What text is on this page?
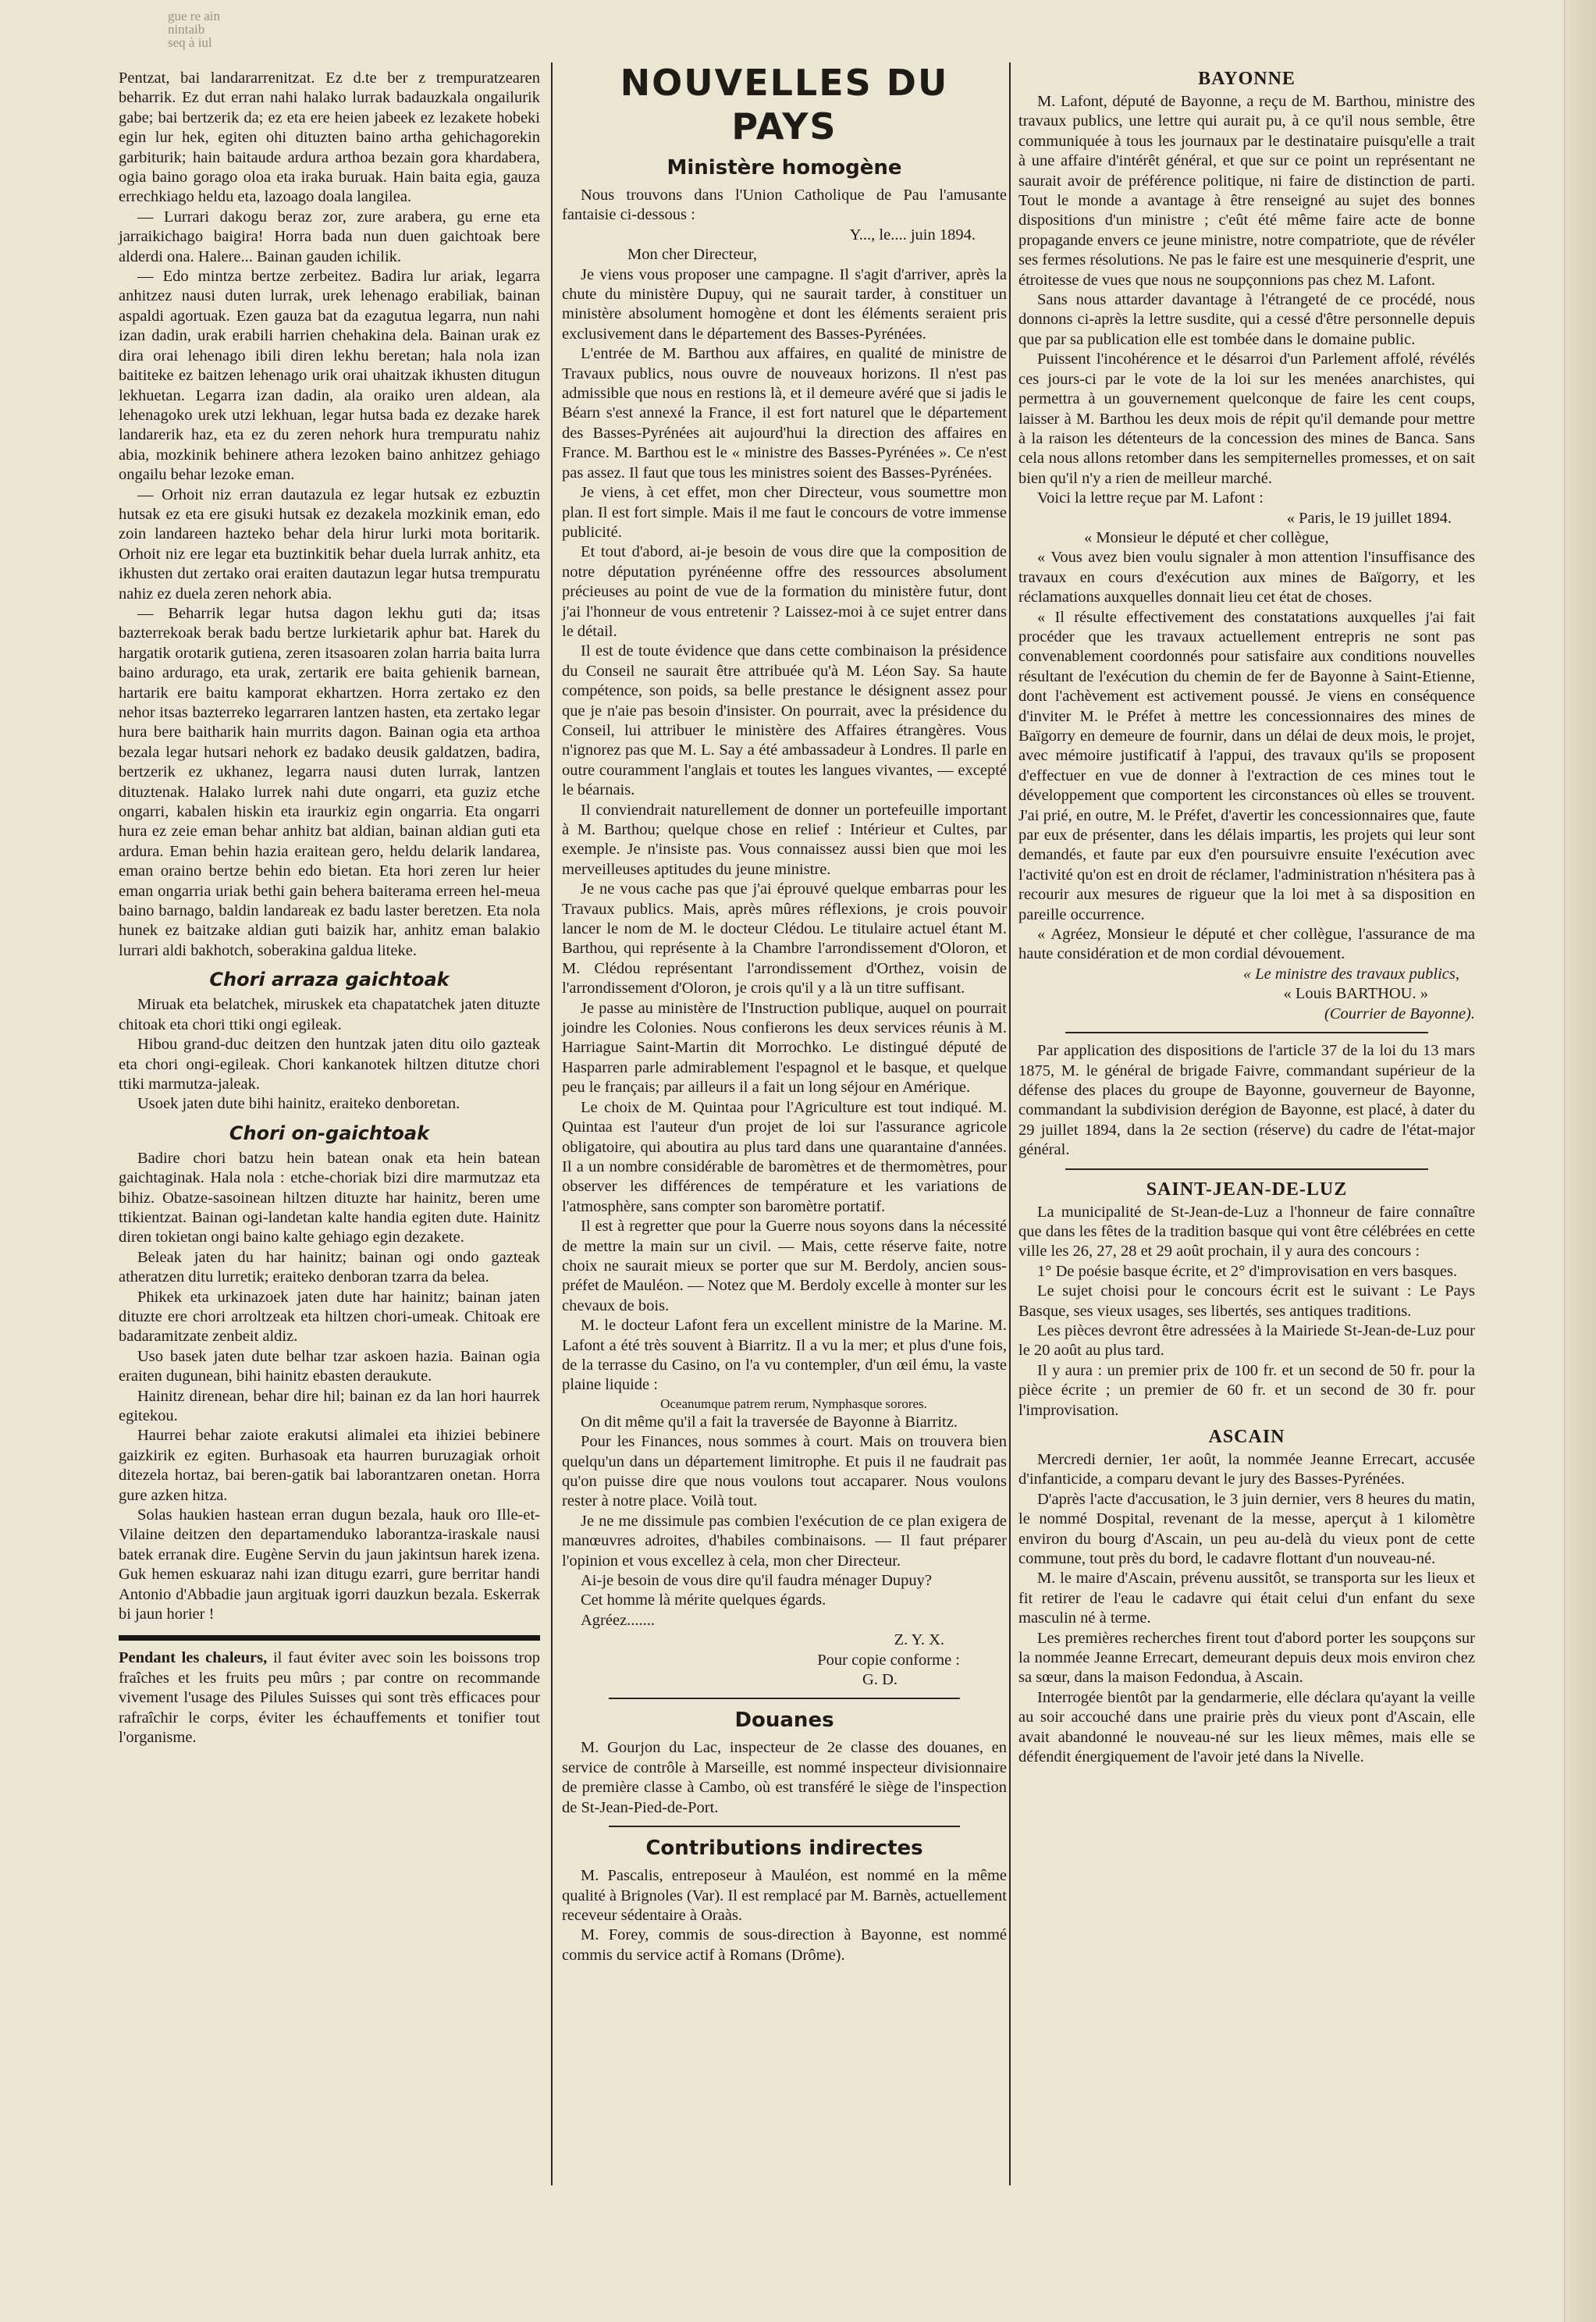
gue re ain
nintaib
seq à iul

Pentzat, bai landararrenitzat. Ez d.te ber z trempuratzearen beharrik. Ez dut erran nahi halako lurrak badauzkala ongailurik gabe; bai bertzerik da; ez eta ere heien jabeek ez lezakete hobeki egin lur hek, egiten ohi dituzten baino artha gehichagorekin garbiturik; hain baitaude ardura arthoa bezain gora khardabera, ogia baino gorago oloa eta iraka buruak. Hain baita egia, gauza errechkiago heldu eta, lazoago doala langilea.

— Lurrari dakogu beraz zor, zure arabera, gu erne eta jarraikichago baigira! Horra bada nun duen gaichtoak bere alderdi ona. Halere... Bainan gauden ichilik.

— Edo mintza bertze zerbeitez. Badira lur ariak, legarra anhitzez nausi duten lurrak, urek lehenago erabiliak, bainan aspaldi agortuak. Ezen gauza bat da ezagutua legarra, nun nahi izan dadin, urak erabili harrien chehakina dela. Bainan urak ez dira orai lehenago ibili diren lekhu beretan; hala nola izan baititeke ez baitzen lehenago urik orai uhaitzak ikhusten ditugun lekhuetan. Legarra izan dadin, ala oraiko uren aldean, ala lehenagoko urek utzi lekhuan, legar hutsa bada ez dezake harek landarerik haz, eta ez du zeren nehork hura trempuratu nahiz abia, mozkinik behinere athera lezoken baino anhitzez gehiago ongailu behar lezoke eman.

— Orhoit niz erran dautazula ez legar hutsak ez ezbuztin hutsak ez eta ere gisuki hutsak ez dezakela mozkinik eman, edo zoin landareen hazteko behar dela hirur lurki mota boritarik. Orhoit niz ere legar eta buztinkitik behar duela lurrak anhitz, eta ikhusten dut zertako orai eraiten dautazun legar hutsa trempuratu nahiz ez duela zeren nehork abia.

— Beharrik legar hutsa dagon lekhu guti da; itsas bazterrekoak berak badu bertze lurkietarik aphur bat. Harek du hargatik orotarik gutiena, zeren itsasoaren zolan harria baita lurra baino ardurago, eta urak, zertarik ere baita gehienik barnean, hartarik ere baitu kamporat ekhartzen. Horra zertako ez den nehor itsas bazterreko legarraren lantzen hasten, eta zertako legar hura bere baitharik hain murrits dagon. Bainan ogia eta arthoa bezala legar hutsari nehork ez badako deusik galdatzen, badira, bertzerik ez ukhanez, legarra nausi duten lurrak, lantzen dituztenak. Halako lurrek nahi dute ongarri, eta guziz etche ongarri, kabalen hiskin eta iraurkiz egin ongarria. Eta ongarri hura ez zeie eman behar anhitz bat aldian, bainan aldian guti eta ardura. Eman behin hazia eraitean gero, heldu delarik landarea, eman oraino bertze behin edo bietan. Eta hori zeren lur heier eman ongarria uriak bethi gain behera baiterama erreen hel-meua baino barnago, baldin landareak ez badu laster beretzen. Eta nola hunek ez baitzake aldian guti baizik har, anhitz eman balakio lurrari aldi bakhotch, soberakina galdua liteke.

Chori arraza gaichtoak

Miruak eta belatchek, miruskek eta chapatatchek jaten dituzte chitoak eta chori ttiki ongi egileak.

Hibou grand-duc deitzen den huntzak jaten ditu oilo gazteak eta chori ongi-egileak. Chori kankanotek hiltzen ditutze chori ttiki marmutza-jaleak.

Usoek jaten dute bihi hainitz, eraiteko denboretan.

Chori on-gaichtoak

Badire chori batzu hein batean onak eta hein batean gaichtaginak. Hala nola : etche-choriak bizi dire marmutzaz eta bihiz. Obatze-sasoinean hiltzen dituzte har hainitz, beren ume ttikientzat. Bainan ogi-landetan kalte handia egiten dute. Hainitz diren tokietan ongi baino kalte gehiago egin dezakete.

Beleak jaten du har hainitz; bainan ogi ondo gazteak atheratzen ditu lurretik; eraiteko denboran tzarra da belea.

Phikek eta urkinazoek jaten dute har hainitz; bainan jaten dituzte ere chori arroltzeak eta hiltzen chori-umeak. Chitoak ere badaramitzate zenbeit aldiz.

Uso basek jaten dute belhar tzar askoen hazia. Bainan ogia eraiten dugunean, bihi hainitz ebasten deraukute.

Hainitz direnean, behar dire hil; bainan ez da lan hori haurrek egitekou.

Haurrei behar zaiote erakutsi alimalei eta ihiziei bebinere gaizkirik ez egiten. Burhasoak eta haurren buruzagiak orhoit ditezela hortaz, bai beren-gatik bai laborantzaren onetan. Horra gure azken hitza.

Solas haukien hastean erran dugun bezala, hauk oro Ille-et-Vilaine deitzen den departamenduko laborantza-iraskale nausi batek erranak dire. Eugène Servin du jaun jakintsun harek izena. Guk hemen eskuaraz nahi izan ditugu ezarri, gure berritar handi Antonio d'Abbadie jaun argituak igorri dauzkun bezala. Eskerrak bi jaun horier !

Pendant les chaleurs, il faut éviter avec soin les boissons trop fraîches et les fruits peu mûrs ; par contre on recommande vivement l'usage des Pilules Suisses qui sont très efficaces pour rafraîchir le corps, éviter les échauffements et tonifier tout l'organisme.

NOUVELLES DU PAYS
Ministère homogène

Nous trouvons dans l'Union Catholique de Pau l'amusante fantaisie ci-dessous :

Y..., le.... juin 1894.

Mon cher Directeur,

Je viens vous proposer une campagne. Il s'agit d'arriver, après la chute du ministère Dupuy, qui ne saurait tarder, à constituer un ministère absolument homogène et dont les éléments seraient pris exclusivement dans le département des Basses-Pyrénées.

L'entrée de M. Barthou aux affaires, en qualité de ministre de Travaux publics, nous ouvre de nouveaux horizons. Il n'est pas admissible que nous en restions là, et il demeure avéré que si jadis le Béarn s'est annexé la France, il est fort naturel que le département des Basses-Pyrénées ait aujourd'hui la direction des affaires en France. M. Barthou est le « ministre des Basses-Pyrénées ». Ce n'est pas assez. Il faut que tous les ministres soient des Basses-Pyrénées.

Je viens, à cet effet, mon cher Directeur, vous soumettre mon plan. Il est fort simple. Mais il me faut le concours de votre immense publicité.

Et tout d'abord, ai-je besoin de vous dire que la composition de notre députation pyrénéenne offre des ressources absolument précieuses au point de vue de la formation du ministère futur, dont j'ai l'honneur de vous entretenir ? Laissez-moi à ce sujet entrer dans le détail.

Il est de toute évidence que dans cette combinaison la présidence du Conseil ne saurait être attribuée qu'à M. Léon Say. Sa haute compétence, son poids, sa belle prestance le désignent assez pour que je n'aie pas besoin d'insister. On pourrait, avec la présidence du Conseil, lui attribuer le ministère des Affaires étrangères. Vous n'ignorez pas que M. L. Say a été ambassadeur à Londres. Il parle en outre couramment l'anglais et toutes les langues vivantes, — excepté le béarnais.

Il conviendrait naturellement de donner un portefeuille important à M. Barthou; quelque chose en relief : Intérieur et Cultes, par exemple. Je n'insiste pas. Vous connaissez aussi bien que moi les merveilleuses aptitudes du jeune ministre.

Je ne vous cache pas que j'ai éprouvé quelque embarras pour les Travaux publics. Mais, après mûres réflexions, je crois pouvoir lancer le nom de M. le docteur Clédou. Le titulaire actuel étant M. Barthou, qui représente à la Chambre l'arrondissement d'Oloron, et M. Clédou représentant l'arrondissement d'Orthez, voisin de l'arrondissement d'Oloron, je crois qu'il y a là un titre suffisant.

Je passe au ministère de l'Instruction publique, auquel on pourrait joindre les Colonies. Nous confierons les deux services réunis à M. Harriague Saint-Martin dit Morrochko. Le distingué député de Hasparren parle admirablement l'espagnol et le basque, et quelque peu le français; par ailleurs il a fait un long séjour en Amérique.

Le choix de M. Quintaa pour l'Agriculture est tout indiqué. M. Quintaa est l'auteur d'un projet de loi sur l'assurance agricole obligatoire, qui aboutira au plus tard dans une quarantaine d'années. Il a un nombre considérable de baromètres et de thermomètres, pour observer les différences de température et les variations de l'atmosphère, sans compter son baromètre portatif.

Il est à regretter que pour la Guerre nous soyons dans la nécessité de mettre la main sur un civil. — Mais, cette réserve faite, notre choix ne saurait mieux se porter que sur M. Berdoly, ancien sous-préfet de Mauléon. — Notez que M. Berdoly excelle à monter sur les chevaux de bois.

M. le docteur Lafont fera un excellent ministre de la Marine. M. Lafont a été très souvent à Biarritz. Il a vu la mer; et plus d'une fois, de la terrasse du Casino, on l'a vu contempler, d'un œil ému, la vaste plaine liquide :

Oceanumque patrem rerum, Nymphasque sorores.

On dit même qu'il a fait la traversée de Bayonne à Biarritz.

Pour les Finances, nous sommes à court. Mais on trouvera bien quelqu'un dans un département limitrophe. Et puis il ne faudrait pas qu'on puisse dire que nous voulons tout accaparer. Nous voulons rester à notre place. Voilà tout.

Je ne me dissimule pas combien l'exécution de ce plan exigera de manœuvres adroites, d'habiles combinaisons. — Il faut préparer l'opinion et vous excellez à cela, mon cher Directeur.

Ai-je besoin de vous dire qu'il faudra ménager Dupuy?

Cet homme là mérite quelques égards.

Agréez.......

Z. Y. X.

Pour copie conforme :

G. D.

Douanes

M. Gourjon du Lac, inspecteur de 2e classe des douanes, en service de contrôle à Marseille, est nommé inspecteur divisionnaire de première classe à Cambo, où est transféré le siège de l'inspection de St-Jean-Pied-de-Port.

Contributions indirectes

M. Pascalis, entreposeur à Mauléon, est nommé en la même qualité à Brignoles (Var). Il est remplacé par M. Barnès, actuellement receveur sédentaire à Oraàs.

M. Forey, commis de sous-direction à Bayonne, est nommé commis du service actif à Romans (Drôme).

BAYONNE

M. Lafont, député de Bayonne, a reçu de M. Barthou, ministre des travaux publics, une lettre qui aurait pu, à ce qu'il nous semble, être communiquée à tous les journaux par le destinataire puisqu'elle a trait à une affaire d'intérêt général, et que sur ce point un représentant ne saurait avoir de préférence politique, ni faire de distinction de parti. Tout le monde a avantage à être renseigné au sujet des bonnes dispositions d'un ministre ; c'eût été même faire acte de bonne propagande envers ce jeune ministre, notre compatriote, que de révéler ses fermes résolutions. Ne pas le faire est une mesquinerie d'esprit, une étroitesse de vues que nous ne soupçonnions pas chez M. Lafont.

Sans nous attarder davantage à l'étrangeté de ce procédé, nous donnons ci-après la lettre susdite, qui a cessé d'être personnelle depuis que par sa publication elle est tombée dans le domaine public.

Puissent l'incohérence et le désarroi d'un Parlement affolé, révélés ces jours-ci par le vote de la loi sur les menées anarchistes, qui permettra à un gouvernement quelconque de faire les cent coups, laisser à M. Barthou les deux mois de répit qu'il demande pour mettre à la raison les détenteurs de la concession des mines de Banca. Sans cela nous allons retomber dans les sempiternelles promesses, et on sait bien qu'il n'y a rien de meilleur marché.

Voici la lettre reçue par M. Lafont :

« Paris, le 19 juillet 1894.

« Monsieur le député et cher collègue,

« Vous avez bien voulu signaler à mon attention l'insuffisance des travaux en cours d'exécution aux mines de Baïgorry, et les réclamations auxquelles donnait lieu cet état de choses.

« Il résulte effectivement des constatations auxquelles j'ai fait procéder que les travaux actuellement entrepris ne sont pas convenablement coordonnés pour satisfaire aux conditions nouvelles résultant de l'exécution du chemin de fer de Bayonne à Saint-Etienne, dont l'achèvement est activement poussé. Je viens en conséquence d'inviter M. le Préfet à mettre les concessionnaires des mines de Baïgorry en demeure de fournir, dans un délai de deux mois, le projet, avec mémoire justificatif à l'appui, des travaux qu'ils se proposent d'effectuer en vue de donner à l'extraction de ces mines tout le développement que comportent les circonstances où elles se trouvent. J'ai prié, en outre, M. le Préfet, d'avertir les concessionnaires que, faute par eux de présenter, dans les délais impartis, les projets qui leur sont demandés, et faute par eux d'en poursuivre ensuite l'exécution avec l'activité qu'on est en droit de réclamer, l'administration n'hésitera pas à recourir aux mesures de rigueur que la loi met à sa disposition en pareille occurrence.

« Agréez, Monsieur le député et cher collègue, l'assurance de ma haute considération et de mon cordial dévouement.

« Le ministre des travaux publics,

« Louis BARTHOU. »

(Courrier de Bayonne).

Par application des dispositions de l'article 37 de la loi du 13 mars 1875, M. le général de brigade Faivre, commandant supérieur de la défense des places du groupe de Bayonne, gouverneur de Bayonne, commandant la subdivision derégion de Bayonne, est placé, à dater du 29 juillet 1894, dans la 2e section (réserve) du cadre de l'état-major général.

SAINT-JEAN-DE-LUZ

La municipalité de St-Jean-de-Luz a l'honneur de faire connaître que dans les fêtes de la tradition basque qui vont être célébrées en cette ville les 26, 27, 28 et 29 août prochain, il y aura des concours :

1° De poésie basque écrite, et 2° d'improvisation en vers basques.

Le sujet choisi pour le concours écrit est le suivant : Le Pays Basque, ses vieux usages, ses libertés, ses antiques traditions.

Les pièces devront être adressées à la Mairiede St-Jean-de-Luz pour le 20 août au plus tard.

Il y aura : un premier prix de 100 fr. et un second de 50 fr. pour la pièce écrite ; un premier de 60 fr. et un second de 30 fr. pour l'improvisation.

ASCAIN

Mercredi dernier, 1er août, la nommée Jeanne Errecart, accusée d'infanticide, a comparu devant le jury des Basses-Pyrénées.

D'après l'acte d'accusation, le 3 juin dernier, vers 8 heures du matin, le nommé Dospital, revenant de la messe, aperçut à 1 kilomètre environ du bourg d'Ascain, un peu au-delà du vieux pont de cette commune, tout près du bord, le cadavre flottant d'un nouveau-né.

M. le maire d'Ascain, prévenu aussitôt, se transporta sur les lieux et fit retirer de l'eau le cadavre qui était celui d'un enfant du sexe masculin né à terme.

Les premières recherches firent tout d'abord porter les soupçons sur la nommée Jeanne Errecart, demeurant depuis deux mois environ chez sa sœur, dans la maison Fedondua, à Ascain.

Interrogée bientôt par la gendarmerie, elle déclara qu'ayant la veille au soir accouché dans une prairie près du vieux pont d'Ascain, elle avait abandonné le nouveau-né sur les lieux mêmes, mais elle se défendit énergiquement de l'avoir jeté dans la Nivelle.
